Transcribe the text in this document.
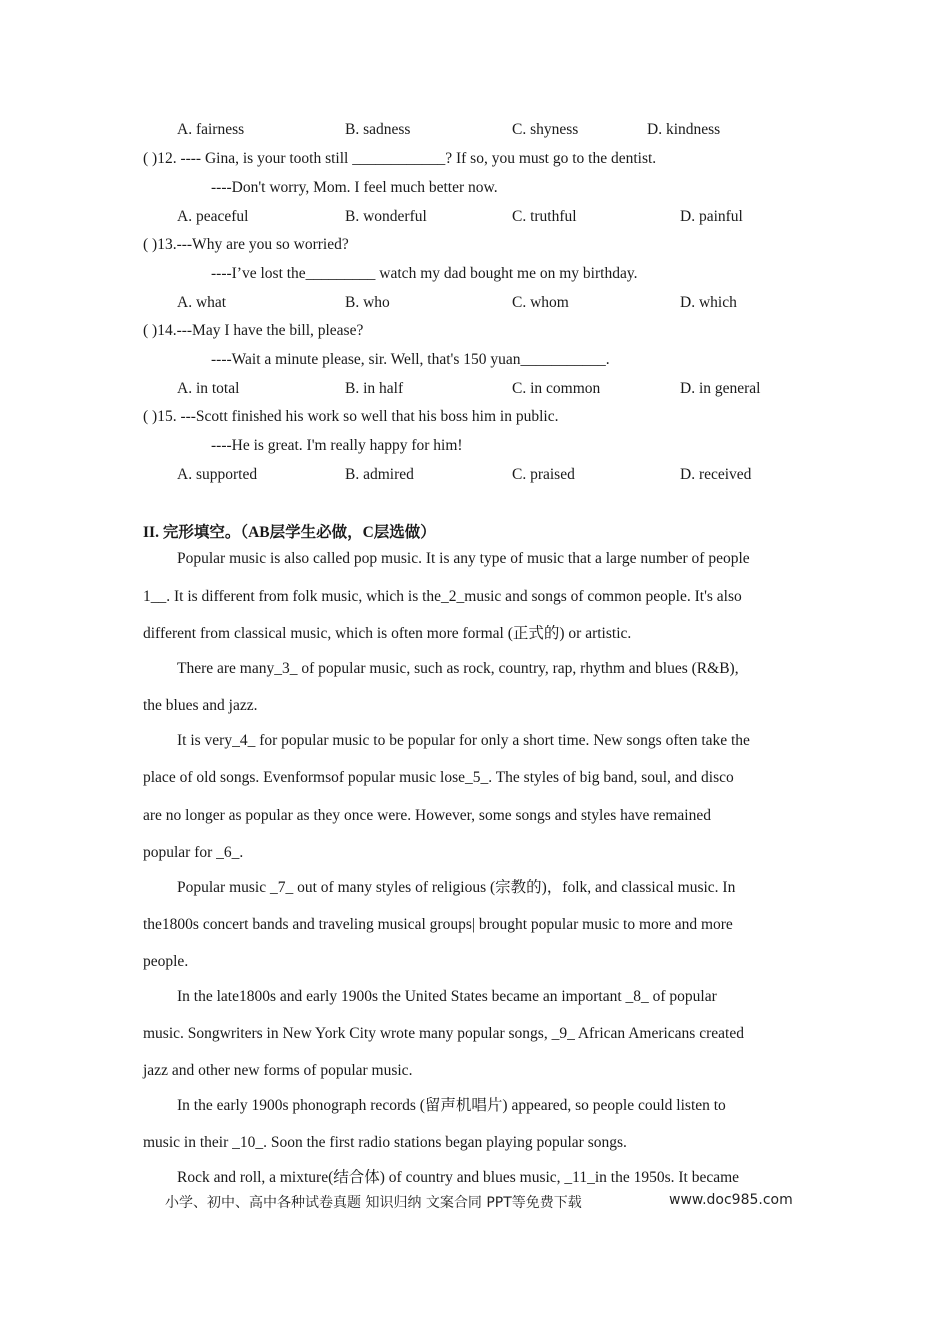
A. fairness	B. sadness	C. shyness	D. kindness
( )12. ---- Gina, is your tooth still ____________? If so, you must go to the dentist.
----Don't worry, Mom. I feel much better now.
A. peaceful	B. wonderful	C. truthful	D. painful
( )13.---Why are you so worried?
----I’ve lost the_________ watch my dad bought me on my birthday.
A. what	B. who	C. whom	D. which
( )14.---May I have the bill, please?
----Wait a minute please, sir. Well, that's 150 yuan___________.
A. in total	B. in half	C. in common	D. in general
( )15. ---Scott finished his work so well that his boss him in public.
----He is great. I'm really happy for him!
A. supported	B. admired	C. praised	D. received
II. 完形填空。（AB层学生必做，C层选做）
Popular music is also called pop music. It is any type of music that a large number of people
1__. It is different from folk music, which is the_2_music and songs of common people. It's also
different from classical music, which is often more formal (正式的) or artistic.
There are many_3_ of popular music, such as rock, country, rap, rhythm and blues (R&B),
the blues and jazz.
It is very_4_ for popular music to be popular for only a short time. New songs often take the
place of old songs. Evenformsof popular music lose_5_. The styles of big band, soul, and disco
are no longer as popular as they once were. However, some songs and styles have remained
popular for _6_.
Popular music _7_ out of many styles of religious (宗教的)，folk, and classical music. In
the1800s concert bands and traveling musical groups| brought popular music to more and more
people.
In the late1800s and early 1900s the United States became an important _8_ of popular
music. Songwriters in New York City wrote many popular songs, _9_ African Americans created
jazz and other new forms of popular music.
In the early 1900s phonograph records (留声机唱片) appeared, so people could listen to
music in their _10_. Soon the first radio stations began playing popular songs.
Rock and roll, a mixture(结合体) of country and blues music, _11_in the 1950s. It became
小学、初中、高中各种试卷真题 知识归纳 文案合同 PPT等免费下载	www.doc985.com
